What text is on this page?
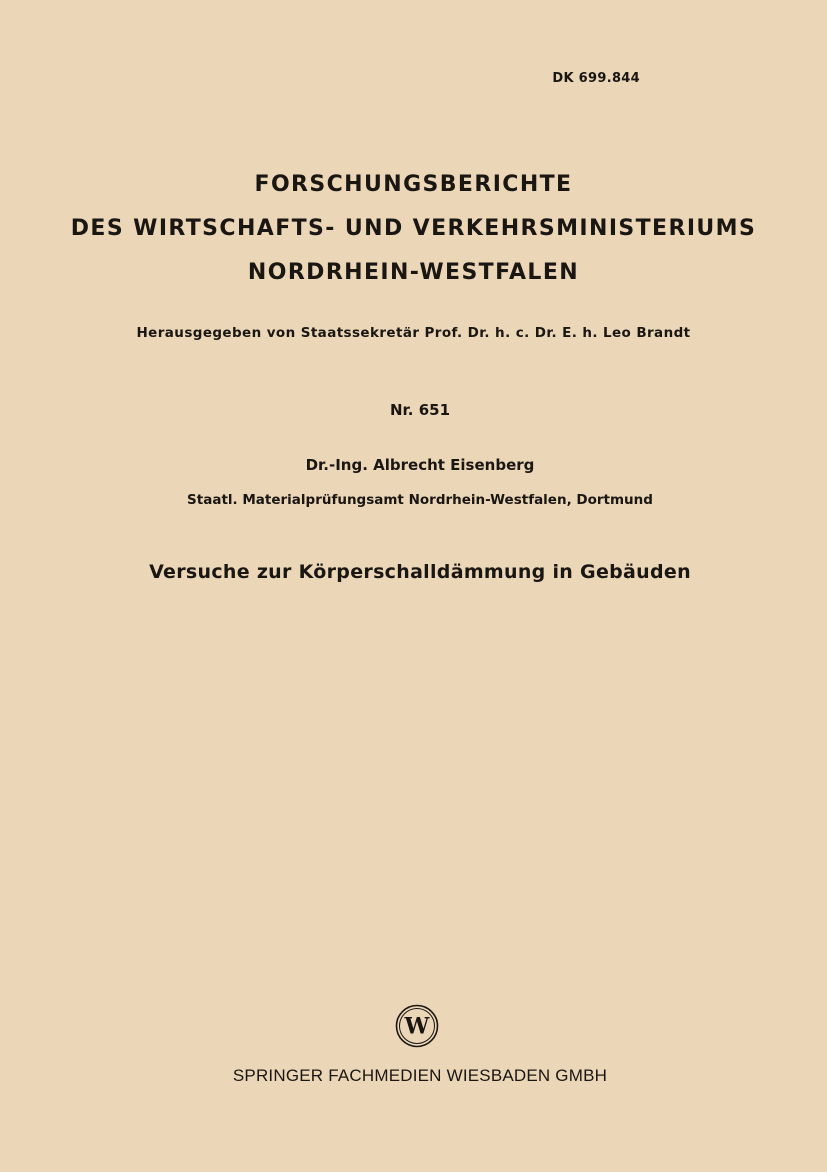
DK 699.844
FORSCHUNGSBERICHTE
DES WIRTSCHAFTS- UND VERKEHRSMINISTERIUMS
NORDRHEIN-WESTFALEN
Herausgegeben von Staatssekretär Prof. Dr. h. c. Dr. E. h. Leo Brandt
Nr. 651
Dr.-Ing. Albrecht Eisenberg
Staatl. Materialprüfungsamt Nordrhein-Westfalen, Dortmund
Versuche zur Körperschalldämmung in Gebäuden
W
SPRINGER FACHMEDIEN WIESBADEN GMBH
